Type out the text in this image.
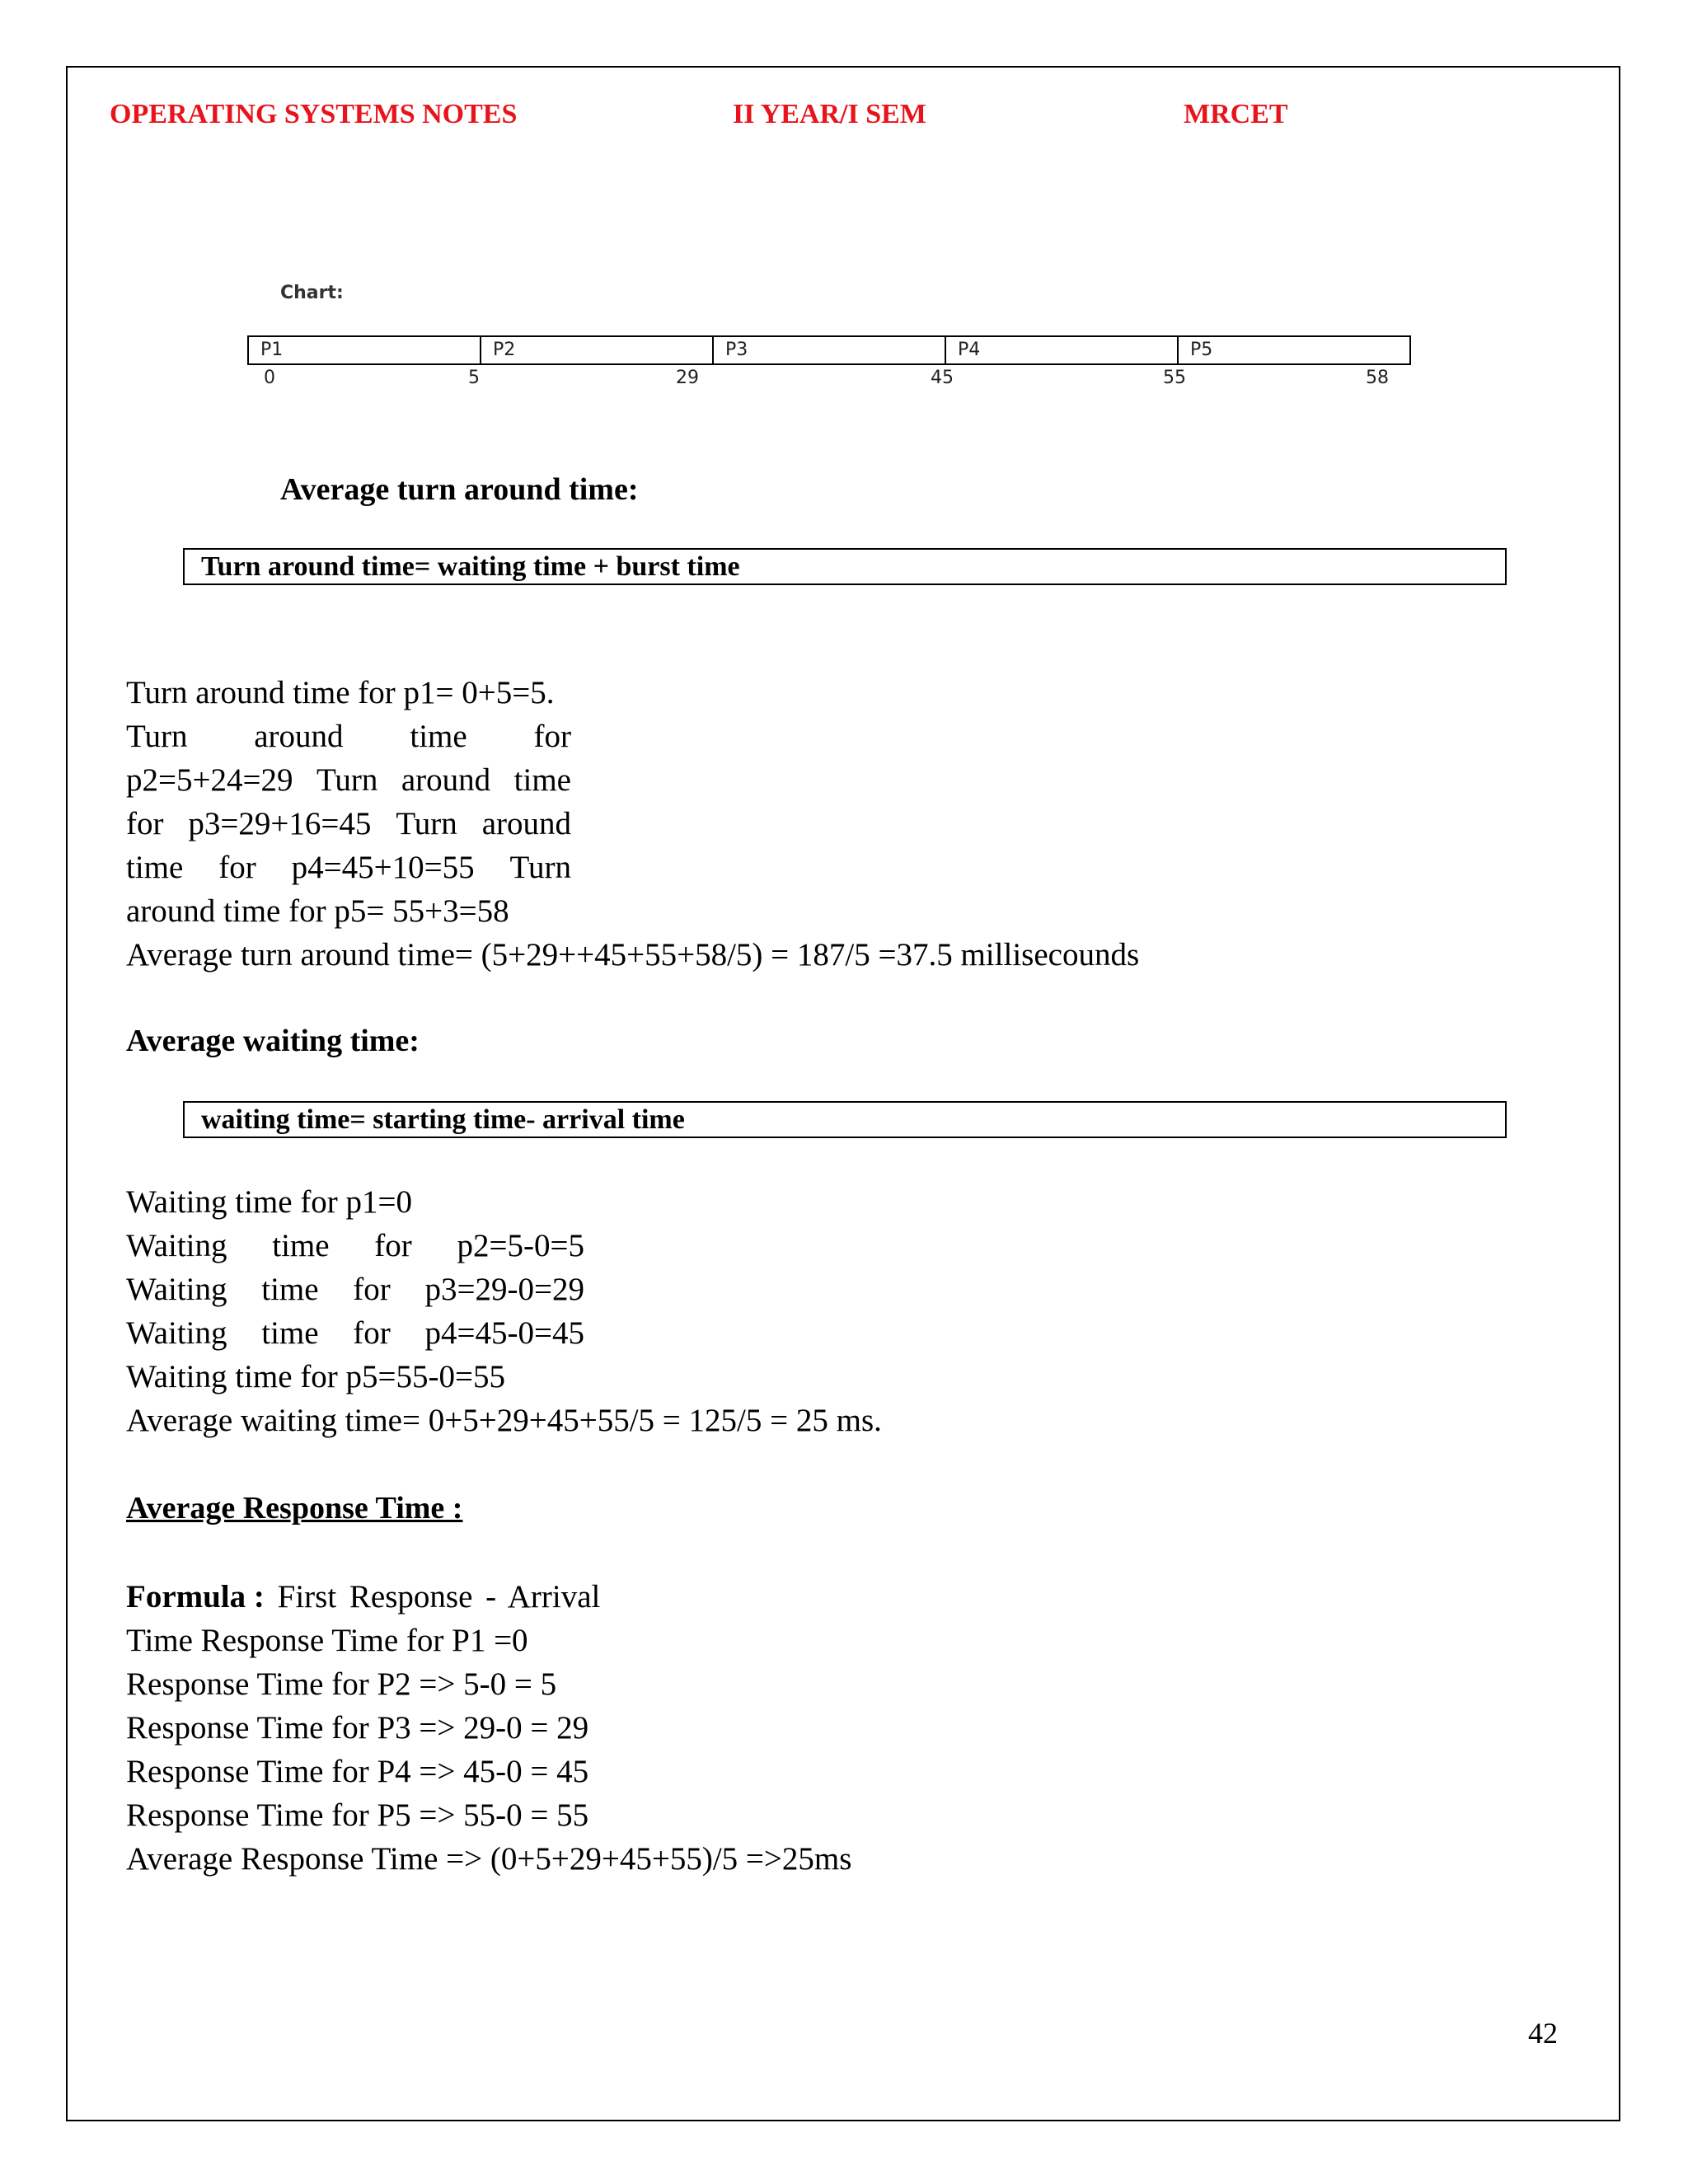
OPERATING SYSTEMS NOTES	II YEAR/I SEM	MRCET
Chart:
P1	P2	P3	P4	P5
0	5	29	45	55	58
Average turn around time:
Turn around time= waiting time + burst time
Turn around time for p1= 0+5=5.
Turn around time for
p2=5+24=29 Turn around time
for p3=29+16=45 Turn around
time for p4=45+10=55 Turn
around time for p5= 55+3=58
Average turn around time= (5+29++45+55+58/5) = 187/5 =37.5 millisecounds
Average waiting time:
waiting time= starting time- arrival time
Waiting time for p1=0
Waiting time for p2=5-0=5
Waiting time for p3=29-0=29
Waiting time for p4=45-0=45
Waiting time for p5=55-0=55
Average waiting time= 0+5+29+45+55/5 = 125/5 = 25 ms.
Average Response Time :
Formula : First Response - Arrival
Time Response Time for P1 =0
Response Time for P2 => 5-0 = 5
Response Time for P3 => 29-0 = 29
Response Time for P4 => 45-0 = 45
Response Time for P5 => 55-0 = 55
Average Response Time => (0+5+29+45+55)/5 =>25ms
42
